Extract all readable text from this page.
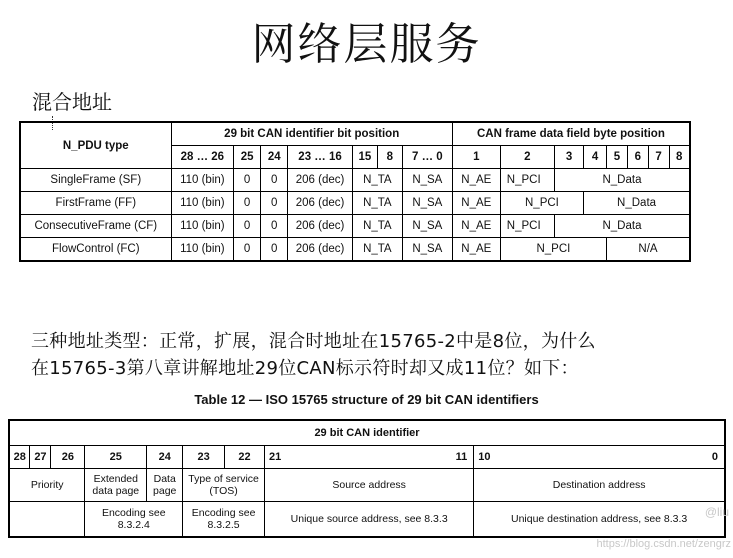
网络层服务
混合地址
N_PDU type	29 bit CAN identifier bit position							CAN frame data field byte position							
	28 … 26	25	24	23 … 16	15	8	7 … 0	1	2	3	4	5	6	7	8
SingleFrame (SF)	110 (bin)	0	0	206 (dec)	N_TA		N_SA	N_AE	N_PCI	N_Data					
FirstFrame (FF)	110 (bin)	0	0	206 (dec)	N_TA		N_SA	N_AE	N_PCI		N_Data				
ConsecutiveFrame (CF)	110 (bin)	0	0	206 (dec)	N_TA		N_SA	N_AE	N_PCI	N_Data					
FlowControl (FC)	110 (bin)	0	0	206 (dec)	N_TA		N_SA	N_AE	N_PCI			N/A			
三种地址类型：正常，扩展，混合时地址在15765-2中是8位，为什么
在15765-3第八章讲解地址29位CAN标示符时却又成11位？如下：
Table 12 — ISO 15765 structure of 29 bit CAN identifiers
29 bit CAN identifier								
28	27	26	25	24	23	22	21 11	10 0

Priority			Extended data page	Data page	Type of service (TOS)		Source address	Destination address
			Encoding see 8.3.2.4		Encoding see 8.3.2.5		Unique source address, see 8.3.3	Unique destination address, see 8.3.3 @liu
https://blog.csdn.net/zengrz
